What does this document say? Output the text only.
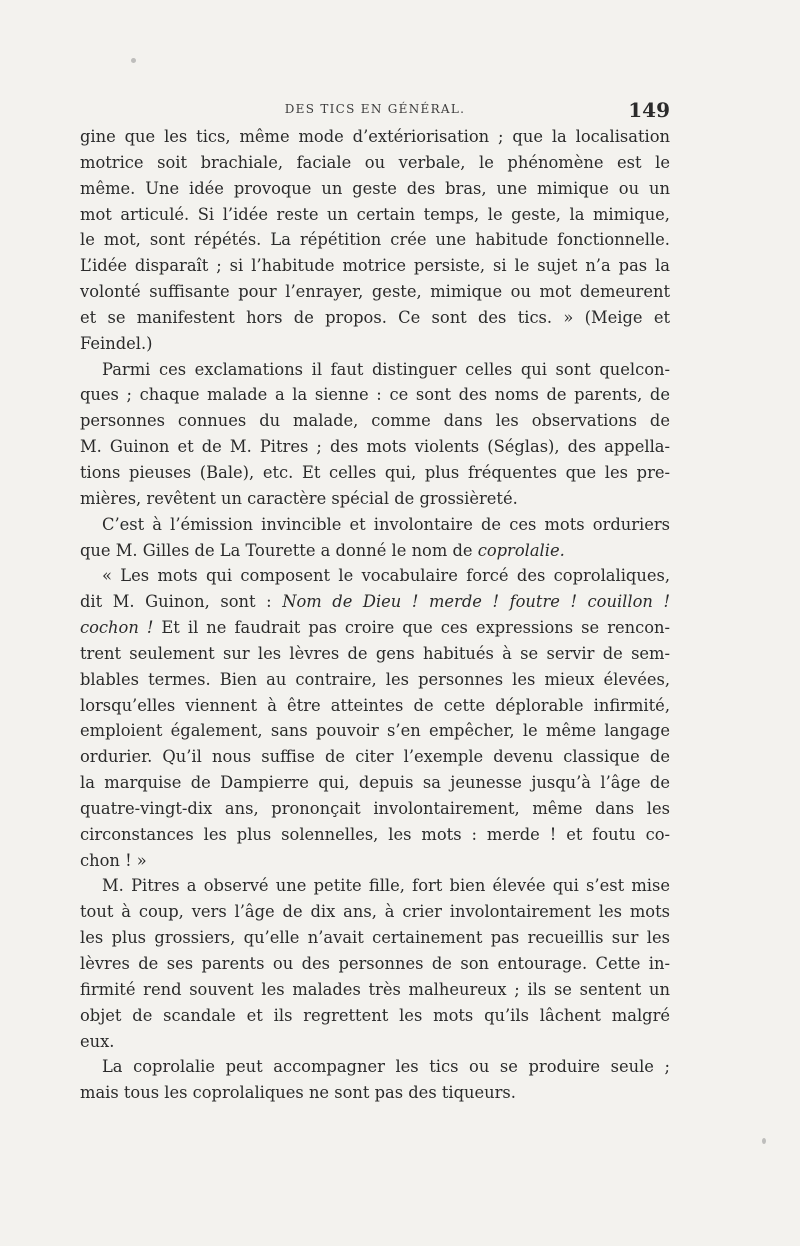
DES TICS EN GÉNÉRAL.	149
gine que les tics, même mode d’extériorisation ; que la localisation
motrice soit brachiale, faciale ou verbale, le phénomène est le
même. Une idée provoque un geste des bras, une mimique ou un
mot articulé. Si l’idée reste un certain temps, le geste, la mimique,
le mot, sont répétés. La répétition crée une habitude fonctionnelle.
L’idée disparaît ; si l’habitude motrice persiste, si le sujet n’a pas la
volonté suffisante pour l’enrayer, geste, mimique ou mot demeurent
et se manifestent hors de propos. Ce sont des tics. » (Meige et
Feindel.)
Parmi ces exclamations il faut distinguer celles qui sont quelcon-
ques ; chaque malade a la sienne : ce sont des noms de parents, de
personnes connues du malade, comme dans les observations de
M. Guinon et de M. Pitres ; des mots violents (Séglas), des appella-
tions pieuses (Bale), etc. Et celles qui, plus fréquentes que les pre-
mières, revêtent un caractère spécial de grossièreté.
C’est à l’émission invincible et involontaire de ces mots orduriers
que M. Gilles de La Tourette a donné le nom de coprolalie.
« Les mots qui composent le vocabulaire forcé des coprolaliques,
dit M. Guinon, sont : Nom de Dieu ! merde ! foutre ! couillon !
cochon ! Et il ne faudrait pas croire que ces expressions se rencon-
trent seulement sur les lèvres de gens habitués à se servir de sem-
blables termes. Bien au contraire, les personnes les mieux élevées,
lorsqu’elles viennent à être atteintes de cette déplorable infirmité,
emploient également, sans pouvoir s’en empêcher, le même langage
ordurier. Qu’il nous suffise de citer l’exemple devenu classique de
la marquise de Dampierre qui, depuis sa jeunesse jusqu’à l’âge de
quatre-vingt-dix ans, prononçait involontairement, même dans les
circonstances les plus solennelles, les mots : merde ! et foutu co-
chon ! »
M. Pitres a observé une petite fille, fort bien élevée qui s’est mise
tout à coup, vers l’âge de dix ans, à crier involontairement les mots
les plus grossiers, qu’elle n’avait certainement pas recueillis sur les
lèvres de ses parents ou des personnes de son entourage. Cette in-
firmité rend souvent les malades très malheureux ; ils se sentent un
objet de scandale et ils regrettent les mots qu’ils lâchent malgré
eux.
La coprolalie peut accompagner les tics ou se produire seule ;
mais tous les coprolaliques ne sont pas des tiqueurs.
